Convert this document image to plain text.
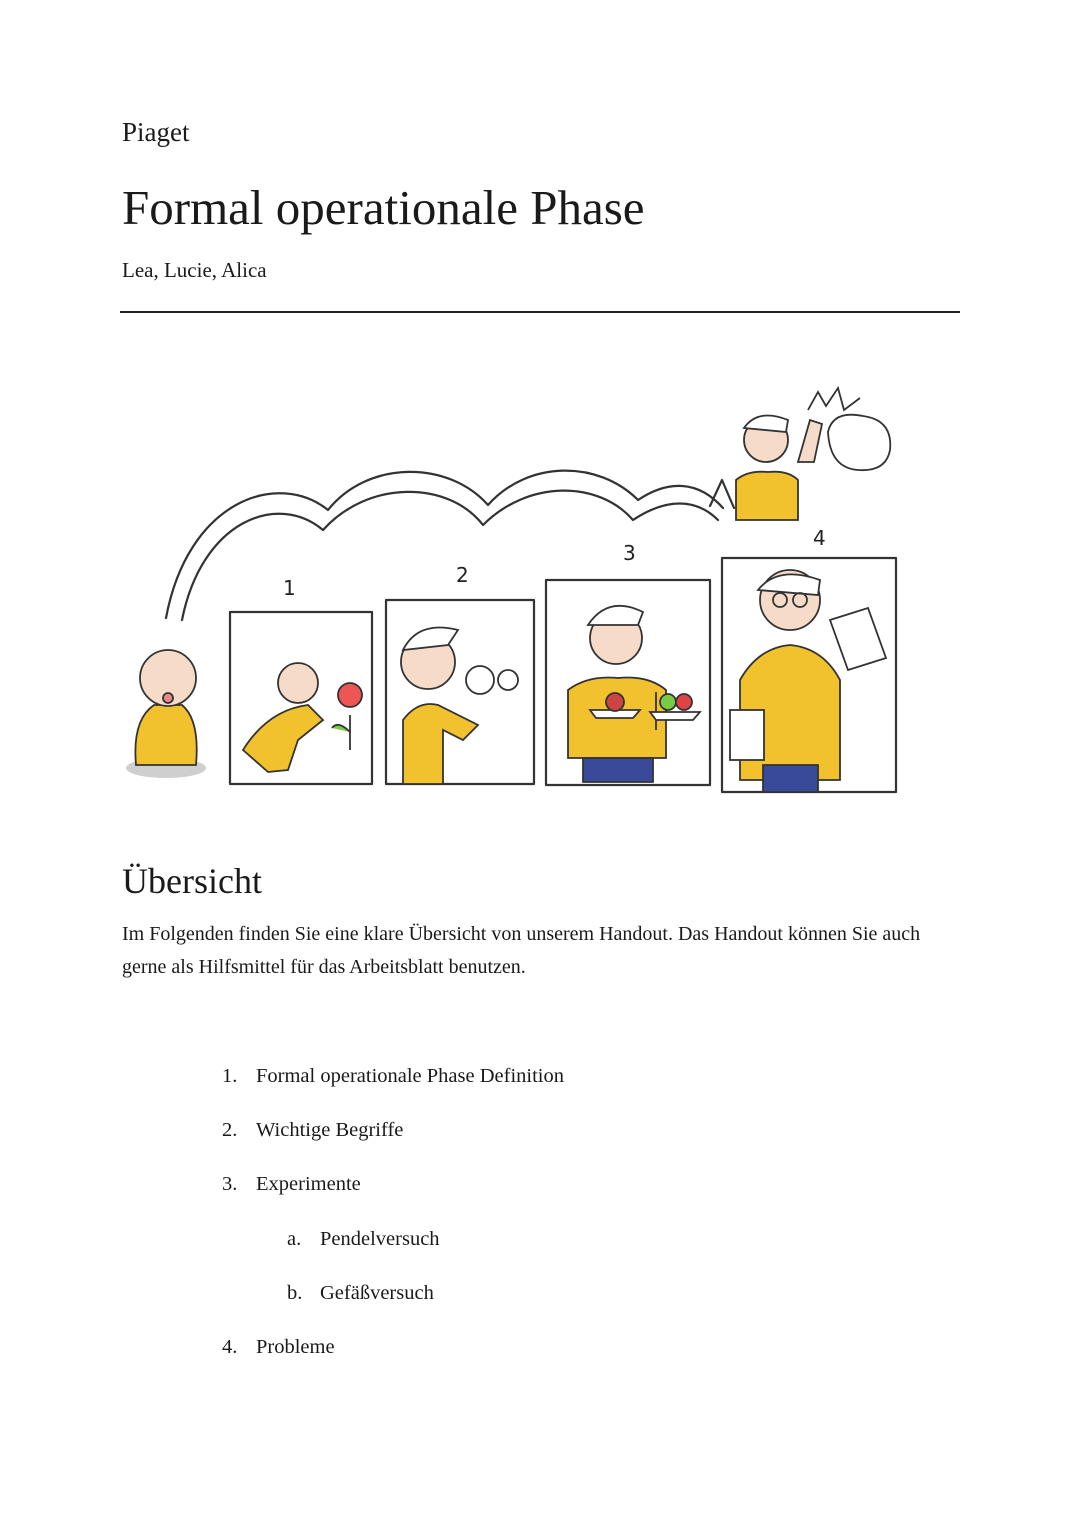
Piaget
Formal operationale Phase
Lea, Lucie, Alica
1
2
3
4
Übersicht

Im Folgenden finden Sie eine klare Übersicht von unserem Handout. Das Handout können Sie auch gerne als Hilfsmittel für das Arbeitsblatt benutzen.

1. Formal operationale Phase Definition
2. Wichtige Begriffe
3. Experimente
a. Pendelversuch
b. Gefäßversuch
4. Probleme
